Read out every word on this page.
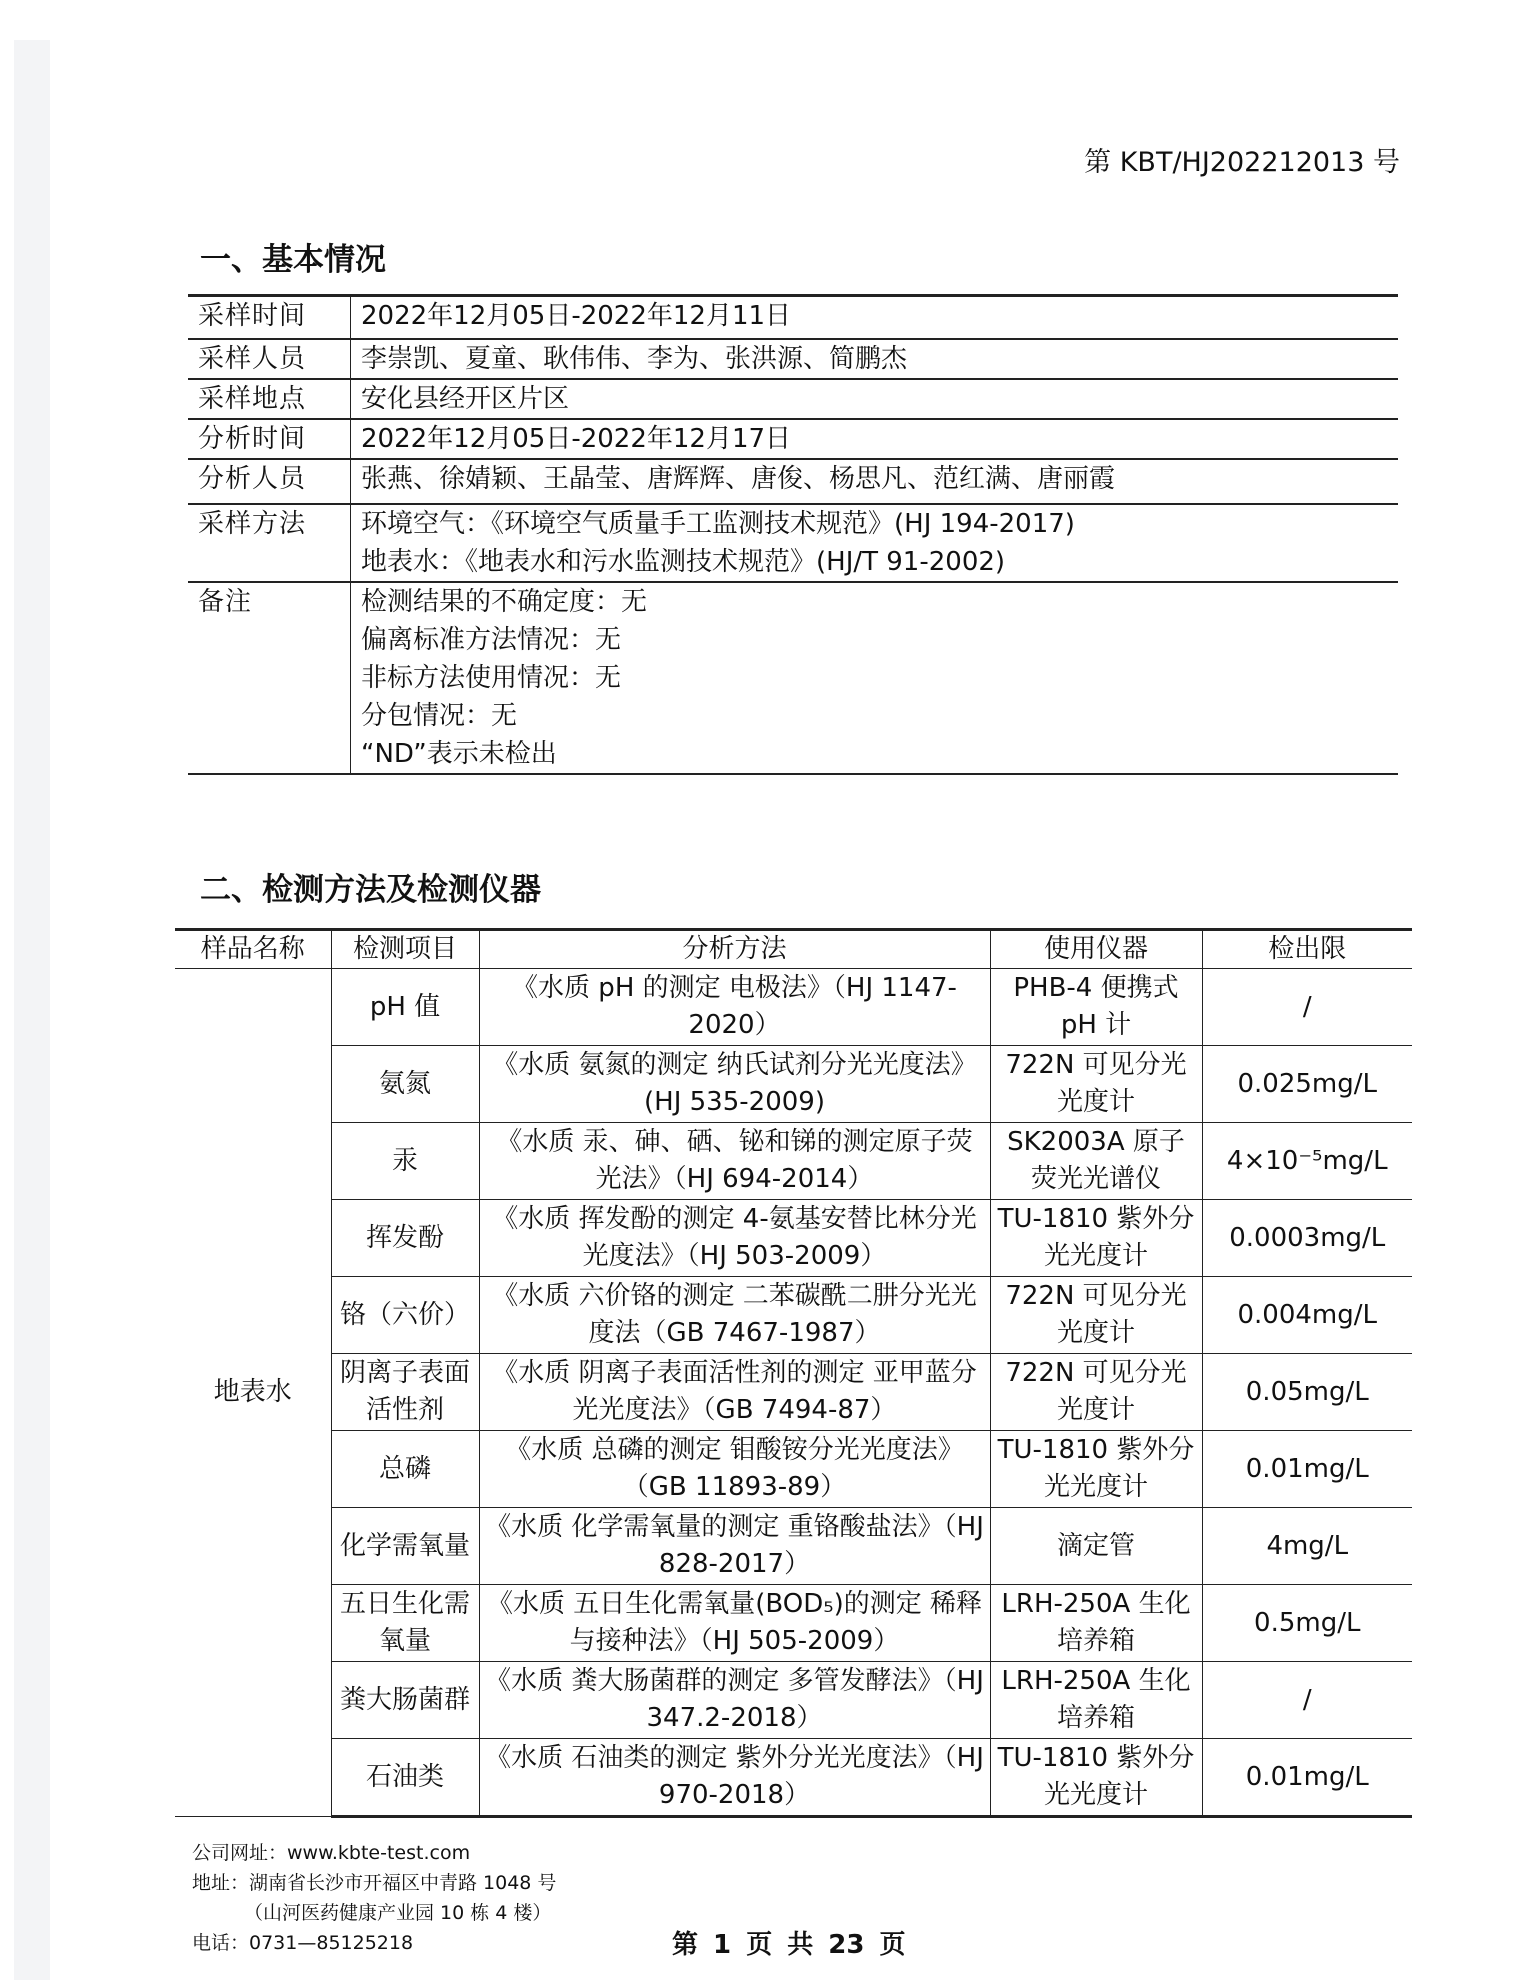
第 KBT/HJ202212013 号
一、基本情况
采样时间	2022年12月05日-2022年12月11日

采样人员	李崇凯、夏童、耿伟伟、李为、张洪源、简鹏杰

采样地点	安化县经开区片区

分析时间	2022年12月05日-2022年12月17日

分析人员	张燕、徐婧颖、王晶莹、唐辉辉、唐俊、杨思凡、范红满、唐丽霞

采样方法	环境空气：《环境空气质量手工监测技术规范》(HJ 194-2017)
地表水：《地表水和污水监测技术规范》(HJ/T 91-2002)

备注	检测结果的不确定度：无
偏离标准方法情况：无
非标方法使用情况：无
分包情况：无
“ND”表示未检出
二、检测方法及检测仪器
样品名称	检测项目	分析方法	使用仪器	检出限
地表水	pH 值	《水质 pH 的测定 电极法》（HJ 1147-2020）	PHB-4 便携式 pH 计	/
	氨氮	《水质 氨氮的测定 纳氏试剂分光光度法》(HJ 535-2009)	722N 可见分光光度计	0.025mg/L
	汞	《水质 汞、砷、硒、铋和锑的测定原子荧光法》（HJ 694-2014）	SK2003A 原子荧光光谱仪	4×10⁻⁵mg/L
	挥发酚	《水质 挥发酚的测定 4-氨基安替比林分光光度法》（HJ 503-2009）	TU-1810 紫外分光光度计	0.0003mg/L
	铬（六价）	《水质 六价铬的测定 二苯碳酰二肼分光光度法（GB 7467-1987）	722N 可见分光光度计	0.004mg/L
	阴离子表面活性剂	《水质 阴离子表面活性剂的测定 亚甲蓝分光光度法》（GB 7494-87）	722N 可见分光光度计	0.05mg/L
	总磷	《水质 总磷的测定 钼酸铵分光光度法》（GB 11893-89）	TU-1810 紫外分光光度计	0.01mg/L
	化学需氧量	《水质 化学需氧量的测定 重铬酸盐法》（HJ 828-2017）	滴定管	4mg/L
	五日生化需氧量	《水质 五日生化需氧量(BOD₅)的测定 稀释与接种法》（HJ 505-2009）	LRH-250A 生化培养箱	0.5mg/L
	粪大肠菌群	《水质 粪大肠菌群的测定 多管发酵法》（HJ 347.2-2018）	LRH-250A 生化培养箱	/
	石油类	《水质 石油类的测定 紫外分光光度法》（HJ 970-2018）	TU-1810 紫外分光光度计	0.01mg/L
公司网址：www.kbte-test.com
地址：湖南省长沙市开福区中青路 1048 号
（山河医药健康产业园 10 栋 4 楼）
电话：0731—85125218	第 1 页 共 23 页
